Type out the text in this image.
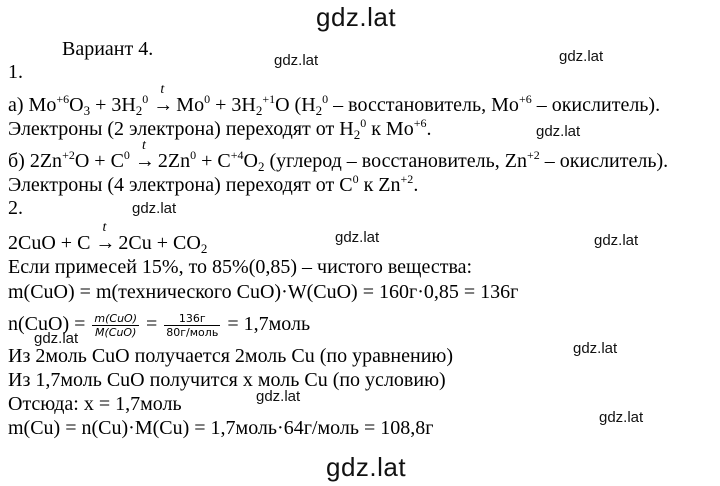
gdz.lat
gdz.lat
gdz.lat	gdz.lat
gdz.lat
gdz.lat
gdz.lat	gdz.lat
gdz.lat
gdz.lat
gdz.lat
gdz.lat
Вариант 4.
1.
а) $Mo^{+6}O_3 + 3H_2^0$
t
→ $Mo^0 + 3H_2^{+1}O$ ($H_2^0$ – восстановитель, $Mo^{+6}$ – окислитель).
Электроны (2 электрона) переходят от $H_2^0$ к $Mo^{+6}$.
б) $2Zn^{+2}O + C^0$
t
→ $2Zn^0 + C^{+4}O_2$ (углерод – восстановитель, $Zn^{+2}$ – окислитель).
Электроны (4 электрона) переходят от $C^0$ к $Zn^{+2}$.
2.
2CuO + C
t
→ $2Cu + CO_2$
Если примесей 15%, то 85%(0,85) – чистого вещества:
m(CuO) = m(технического CuO)·W(CuO) = 160г·0,85 = 136г
$n(CuO) = \frac{\text{m(CuO)}}{\text{M(CuO)}} = \frac{136г}{\text{80г/моль}}$ = 1,7моль
Из 2моль CuO получается 2моль Cu (по уравнению)
Из 1,7моль CuO получится x моль Cu (по условию)
Отсюда: x = 1,7моль
m(Cu) = n(Cu)·M(Cu) = 1,7моль·64г/моль = 108,8г
